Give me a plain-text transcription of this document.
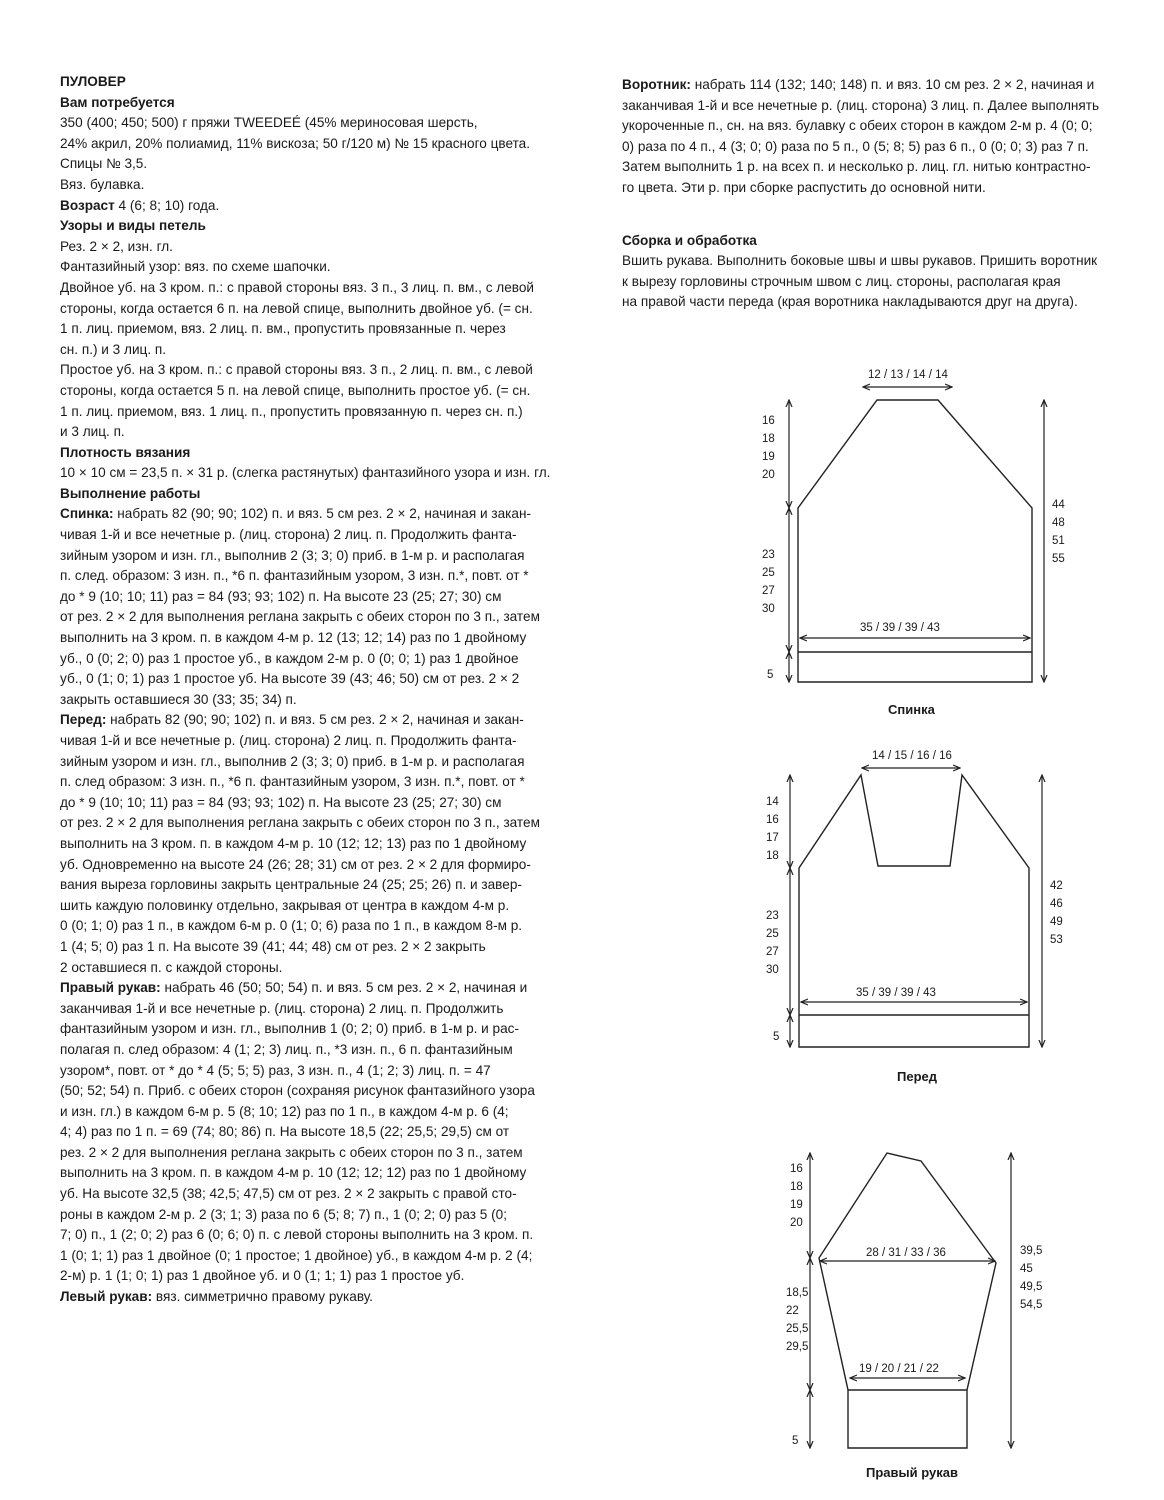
ПУЛОВЕР
Вам потребуется
350 (400; 450; 500) г пряжи TWEEDEÉ (45% мериносовая шерсть,
24% акрил, 20% полиамид, 11% вискоза; 50 г/120 м) № 15 красного цвета.
Спицы № 3,5.
Вяз. булавка.
Возраст 4 (6; 8; 10) года.
Узоры и виды петель
Рез. 2 × 2, изн. гл.
Фантазийный узор: вяз. по схеме шапочки.
Двойное уб. на 3 кром. п.: с правой стороны вяз. 3 п., 3 лиц. п. вм., с левой
стороны, когда остается 6 п. на левой спице, выполнить двойное уб. (= сн.
1 п. лиц. приемом, вяз. 2 лиц. п. вм., пропустить провязанные п. через
сн. п.) и 3 лиц. п.
Простое уб. на 3 кром. п.: с правой стороны вяз. 3 п., 2 лиц. п. вм., с левой
стороны, когда остается 5 п. на левой спице, выполнить простое уб. (= сн.
1 п. лиц. приемом, вяз. 1 лиц. п., пропустить провязанную п. через сн. п.)
и 3 лиц. п.
Плотность вязания
10 × 10 см = 23,5 п. × 31 р. (слегка растянутых) фантазийного узора и изн. гл.
Выполнение работы
Спинка: набрать 82 (90; 90; 102) п. и вяз. 5 см рез. 2 × 2, начиная и закан-
чивая 1-й и все нечетные р. (лиц. сторона) 2 лиц. п. Продолжить фанта-
зийным узором и изн. гл., выполнив 2 (3; 3; 0) приб. в 1-м р. и располагая
п. след. образом: 3 изн. п., *6 п. фантазийным узором, 3 изн. п.*, повт. от *
до * 9 (10; 10; 11) раз = 84 (93; 93; 102) п. На высоте 23 (25; 27; 30) см
от рез. 2 × 2 для выполнения реглана закрыть с обеих сторон по 3 п., затем
выполнить на 3 кром. п. в каждом 4-м р. 12 (13; 12; 14) раз по 1 двойному
уб., 0 (0; 2; 0) раз 1 простое уб., в каждом 2-м р. 0 (0; 0; 1) раз 1 двойное
уб., 0 (1; 0; 1) раз 1 простое уб. На высоте 39 (43; 46; 50) см от рез. 2 × 2
закрыть оставшиеся 30 (33; 35; 34) п.
Перед: набрать 82 (90; 90; 102) п. и вяз. 5 см рез. 2 × 2, начиная и закан-
чивая 1-й и все нечетные р. (лиц. сторона) 2 лиц. п. Продолжить фанта-
зийным узором и изн. гл., выполнив 2 (3; 3; 0) приб. в 1-м р. и располагая
п. след образом: 3 изн. п., *6 п. фантазийным узором, 3 изн. п.*, повт. от *
до * 9 (10; 10; 11) раз = 84 (93; 93; 102) п. На высоте 23 (25; 27; 30) см
от рез. 2 × 2 для выполнения реглана закрыть с обеих сторон по 3 п., затем
выполнить на 3 кром. п. в каждом 4-м р. 10 (12; 12; 13) раз по 1 двойному
уб. Одновременно на высоте 24 (26; 28; 31) см от рез. 2 × 2 для формиро-
вания выреза горловины закрыть центральные 24 (25; 25; 26) п. и завер-
шить каждую половинку отдельно, закрывая от центра в каждом 4-м р.
0 (0; 1; 0) раз 1 п., в каждом 6-м р. 0 (1; 0; 6) раза по 1 п., в каждом 8-м р.
1 (4; 5; 0) раз 1 п. На высоте 39 (41; 44; 48) см от рез. 2 × 2 закрыть
2 оставшиеся п. с каждой стороны.
Правый рукав: набрать 46 (50; 50; 54) п. и вяз. 5 см рез. 2 × 2, начиная и
заканчивая 1-й и все нечетные р. (лиц. сторона) 2 лиц. п. Продолжить
фантазийным узором и изн. гл., выполнив 1 (0; 2; 0) приб. в 1-м р. и рас-
полагая п. след образом: 4 (1; 2; 3) лиц. п., *3 изн. п., 6 п. фантазийным
узором*, повт. от * до * 4 (5; 5; 5) раз, 3 изн. п., 4 (1; 2; 3) лиц. п. = 47
(50; 52; 54) п. Приб. с обеих сторон (сохраняя рисунок фантазийного узора
и изн. гл.) в каждом 6-м р. 5 (8; 10; 12) раз по 1 п., в каждом 4-м р. 6 (4;
4; 4) раз по 1 п. = 69 (74; 80; 86) п. На высоте 18,5 (22; 25,5; 29,5) см от
рез. 2 × 2 для выполнения реглана закрыть с обеих сторон по 3 п., затем
выполнить на 3 кром. п. в каждом 4-м р. 10 (12; 12; 12) раз по 1 двойному
уб. На высоте 32,5 (38; 42,5; 47,5) см от рез. 2 × 2 закрыть с правой сто-
роны в каждом 2-м р. 2 (3; 1; 3) раза по 6 (5; 8; 7) п., 1 (0; 2; 0) раз 5 (0;
7; 0) п., 1 (2; 0; 2) раз 6 (0; 6; 0) п. с левой стороны выполнить на 3 кром. п.
1 (0; 1; 1) раз 1 двойное (0; 1 простое; 1 двойное) уб., в каждом 4-м р. 2 (4;
2-м) р. 1 (1; 0; 1) раз 1 двойное уб. и 0 (1; 1; 1) раз 1 простое уб.
Левый рукав: вяз. симметрично правому рукаву.
Воротник: набрать 114 (132; 140; 148) п. и вяз. 10 см рез. 2 × 2, начиная и
заканчивая 1-й и все нечетные р. (лиц. сторона) 3 лиц. п. Далее выполнять
укороченные п., сн. на вяз. булавку с обеих сторон в каждом 2-м р. 4 (0; 0;
0) раза по 4 п., 4 (3; 0; 0) раза по 5 п., 0 (5; 8; 5) раз 6 п., 0 (0; 0; 3) раз 7 п.
Затем выполнить 1 р. на всех п. и несколько р. лиц. гл. нитью контрастно-
го цвета. Эти р. при сборке распустить до основной нити.
Сборка и обработка
Вшить рукава. Выполнить боковые швы и швы рукавов. Пришить воротник
к вырезу горловины строчным швом с лиц. стороны, располагая края
на правой части переда (края воротника накладываются друг на друга).
12 / 13 / 14 / 14
16
18
19
20
23
25
27
30
44
48
51
55
35 / 39 / 39 / 43
5
Спинка
14 / 15 / 16 / 16
14
16
17
18
23
25
27
30
42
46
49
53
35 / 39 / 39 / 43
5
Перед
16
18
19
20
18,5
22
25,5
29,5
39,5
45
49,5
54,5
28 / 31 / 33 / 36
19 / 20 / 21 / 22
5
Правый рукав
